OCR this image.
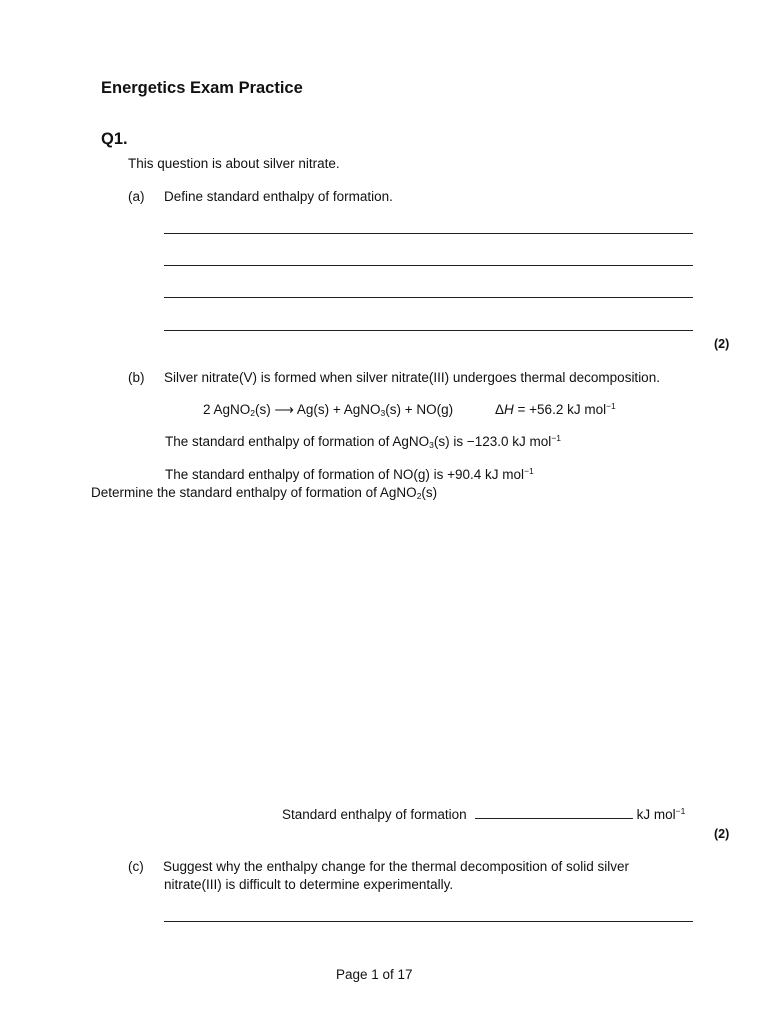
Energetics Exam Practice
Q1.
This question is about silver nitrate.
(a) Define standard enthalpy of formation.
(2)
(b) Silver nitrate(V) is formed when silver nitrate(III) undergoes thermal decomposition.
2 AgNO$_2$(s) ⟶ Ag(s) + AgNO$_3$(s) + NO(g)	ΔH = +56.2 kJ mol$^{-1}$
The standard enthalpy of formation of AgNO$_3$(s) is −123.0 kJ mol$^{-1}$
The standard enthalpy of formation of NO(g) is +90.4 kJ mol$^{-1}$
Determine the standard enthalpy of formation of AgNO$_2$(s)
Standard enthalpy of formation	kJ mol$^{-1}$
(2)
(c) Suggest why the enthalpy change for the thermal decomposition of solid silver
nitrate(III) is difficult to determine experimentally.
Page 1 of 17
